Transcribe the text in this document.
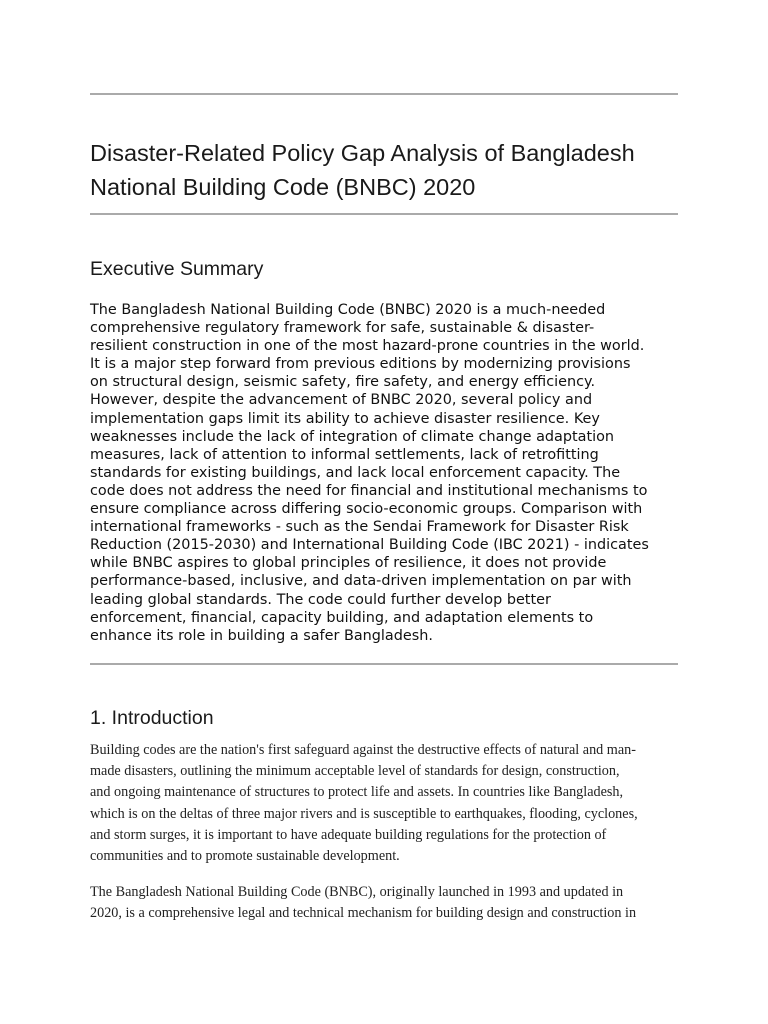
Disaster-Related Policy Gap Analysis of Bangladesh
National Building Code (BNBC) 2020
Executive Summary

The Bangladesh National Building Code (BNBC) 2020 is a much-needed
comprehensive regulatory framework for safe, sustainable & disaster-
resilient construction in one of the most hazard-prone countries in the world.
It is a major step forward from previous editions by modernizing provisions
on structural design, seismic safety, fire safety, and energy efficiency.
However, despite the advancement of BNBC 2020, several policy and
implementation gaps limit its ability to achieve disaster resilience. Key
weaknesses include the lack of integration of climate change adaptation
measures, lack of attention to informal settlements, lack of retrofitting
standards for existing buildings, and lack local enforcement capacity. The
code does not address the need for financial and institutional mechanisms to
ensure compliance across differing socio-economic groups. Comparison with
international frameworks - such as the Sendai Framework for Disaster Risk
Reduction (2015-2030) and International Building Code (IBC 2021) - indicates
while BNBC aspires to global principles of resilience, it does not provide
performance-based, inclusive, and data-driven implementation on par with
leading global standards. The code could further develop better
enforcement, financial, capacity building, and adaptation elements to
enhance its role in building a safer Bangladesh.

1. Introduction

Building codes are the nation's first safeguard against the destructive effects of natural and man-
made disasters, outlining the minimum acceptable level of standards for design, construction,
and ongoing maintenance of structures to protect life and assets. In countries like Bangladesh,
which is on the deltas of three major rivers and is susceptible to earthquakes, flooding, cyclones,
and storm surges, it is important to have adequate building regulations for the protection of
communities and to promote sustainable development.

The Bangladesh National Building Code (BNBC), originally launched in 1993 and updated in
2020, is a comprehensive legal and technical mechanism for building design and construction in
